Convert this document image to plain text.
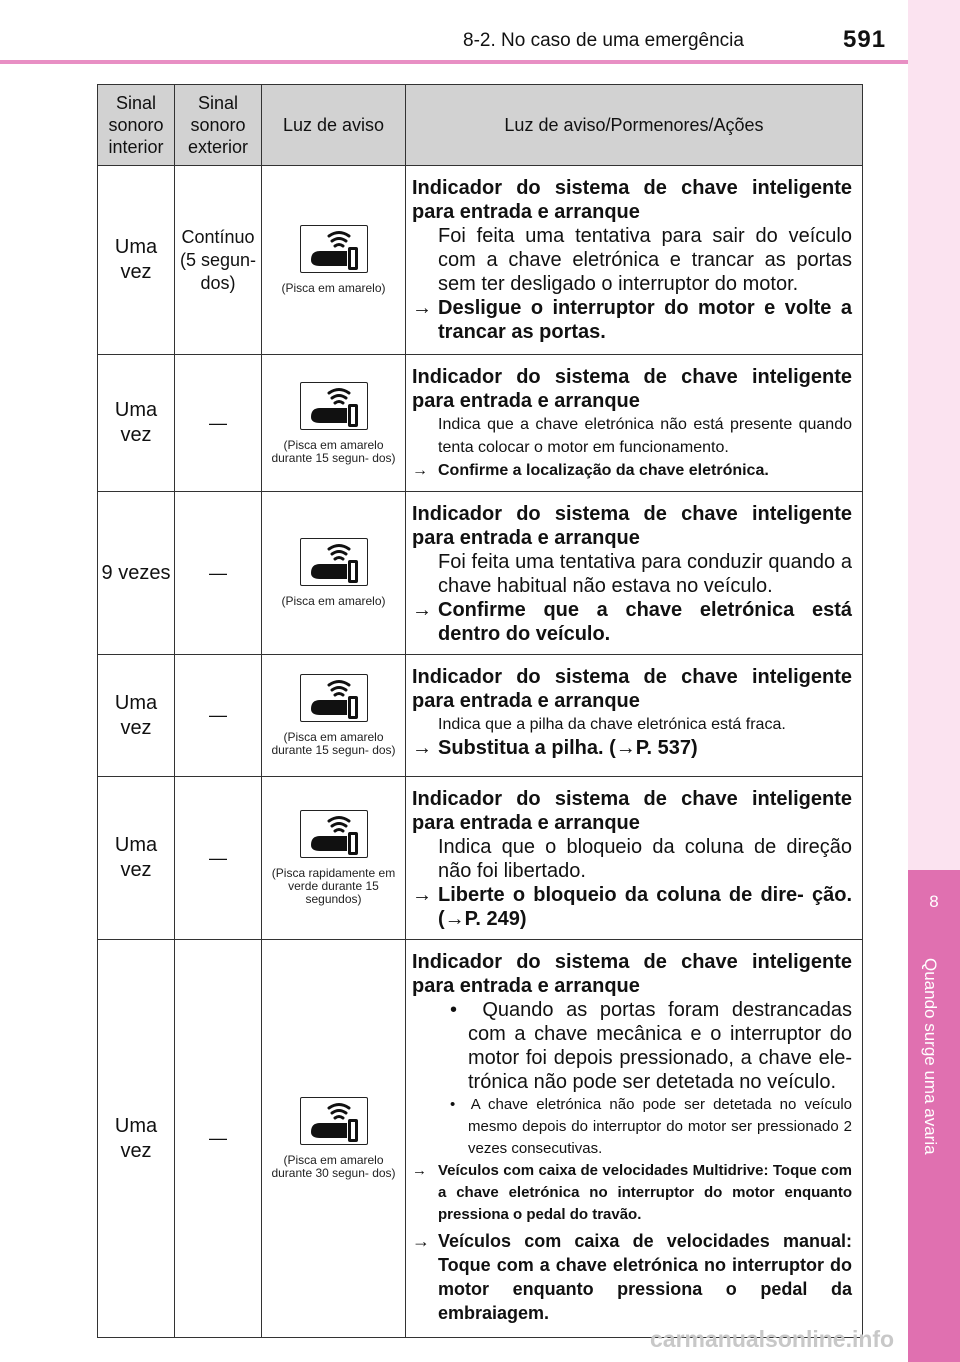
8-2. No caso de uma emergência	591
8
Quando surge uma avaria
Sinal sonoro interior	Sinal sonoro exterior	Luz de aviso	Luz de aviso/Pormenores/Ações
Uma vez	Contínuo (5 segun- dos)	(Pisca em amarelo)	Indicador do sistema de chave inteligente para entrada e arranque
Foi feita uma tentativa para sair do veículo com a chave eletrónica e trancar as portas sem ter desligado o interruptor do motor.
→ Desligue o interruptor do motor e volte a trancar as portas.

Uma vez	—	(Pisca em amarelo durante 15 segun- dos)	Indicador do sistema de chave inteligente para entrada e arranque
Indica que a chave eletrónica não está presente quando tenta colocar o motor em funcionamento.
→ Confirme a localização da chave eletrónica.

9 vezes	—	(Pisca em amarelo)	Indicador do sistema de chave inteligente para entrada e arranque
Foi feita uma tentativa para conduzir quando a chave habitual não estava no veículo.
→ Confirme que a chave eletrónica está dentro do veículo.

Uma vez	—	(Pisca em amarelo durante 15 segun- dos)	Indicador do sistema de chave inteligente para entrada e arranque
Indica que a pilha da chave eletrónica está fraca.
→ Substitua a pilha. (→P. 537)

Uma vez	—	(Pisca rapidamente em verde durante 15 segundos)	Indicador do sistema de chave inteligente para entrada e arranque
Indica que o bloqueio da coluna de direção não foi libertado.
→ Liberte o bloqueio da coluna de dire- ção. (→P. 249)

Uma vez	—	(Pisca em amarelo durante 30 segun- dos)	Indicador do sistema de chave inteligente para entrada e arranque
• Quando as portas foram destrancadas com a chave mecânica e o interruptor do motor foi depois pressionado, a chave ele- trónica não pode ser detetada no veículo.
• A chave eletrónica não pode ser detetada no veículo mesmo depois do interruptor do motor ser pressionado 2 vezes consecutivas.
→ Veículos com caixa de velocidades Multidrive: Toque com a chave eletrónica no interruptor do motor enquanto pressiona o pedal do travão.
→ Veículos com caixa de velocidades manual: Toque com a chave eletrónica no interruptor do motor enquanto pressiona o pedal da embraiagem.
carmanualsonline.info
